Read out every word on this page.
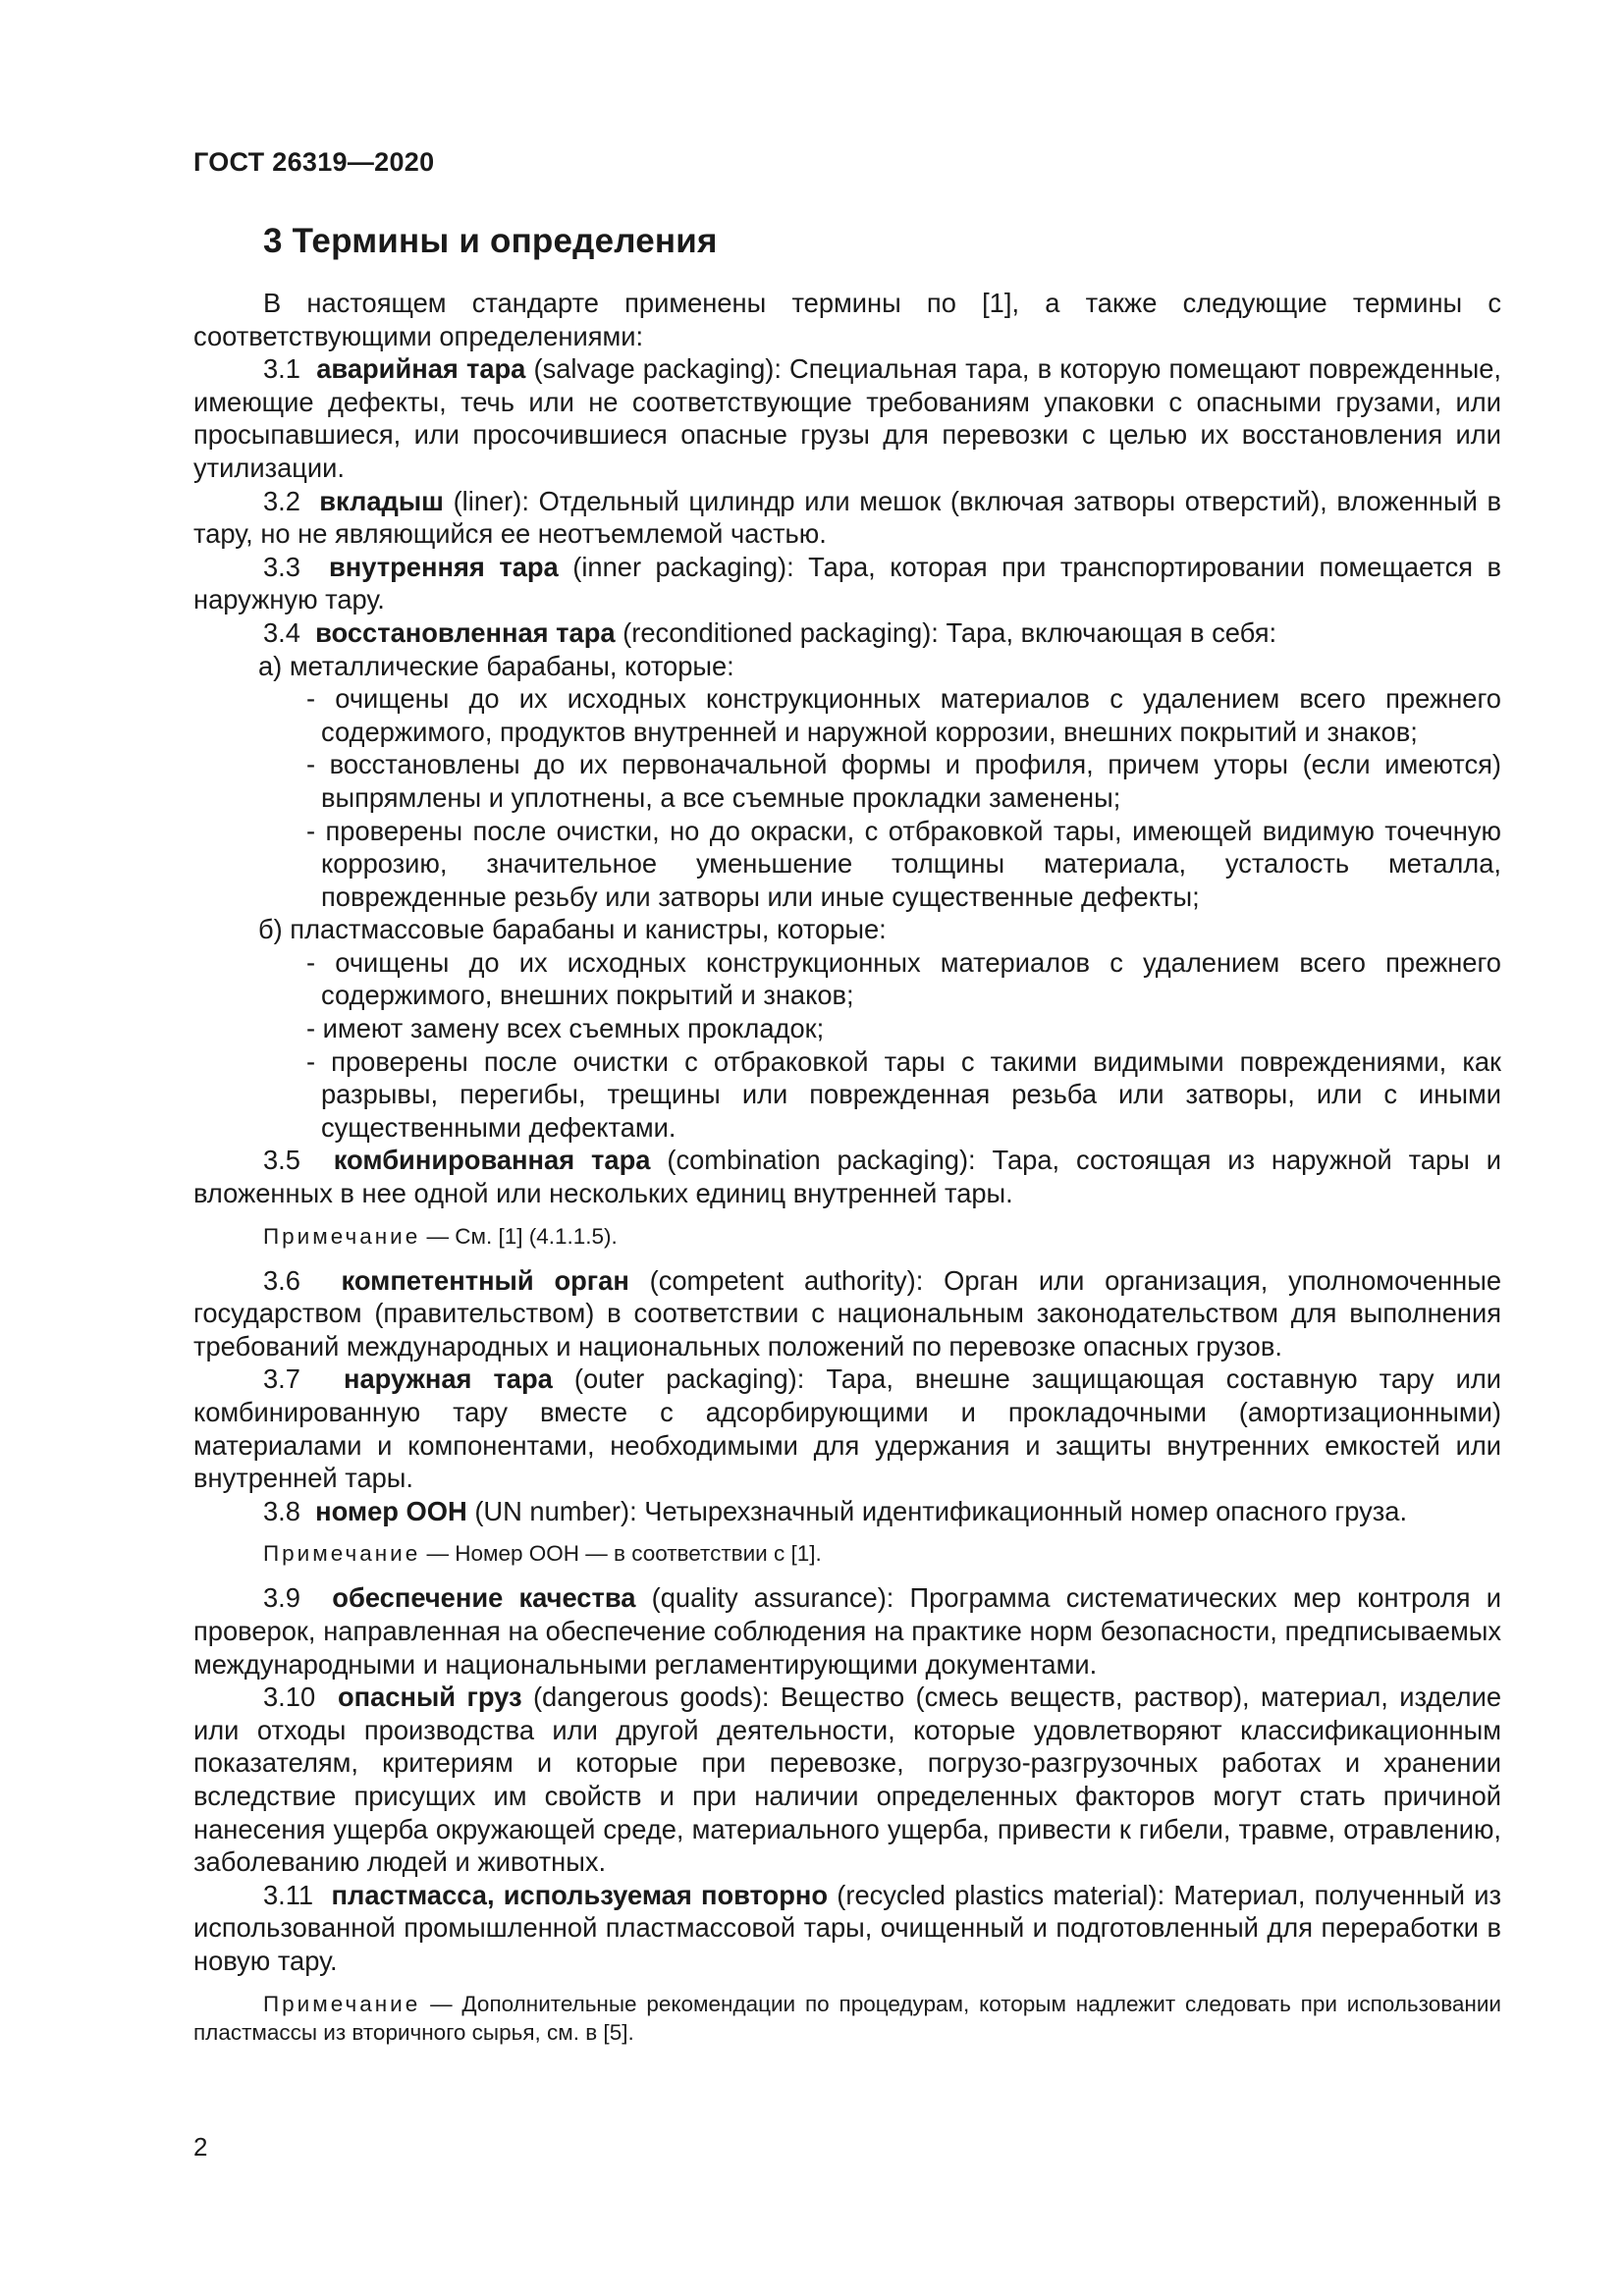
ГОСТ 26319—2020
3 Термины и определения

В настоящем стандарте применены термины по [1], а также следующие термины с соответствующими определениями:

3.1 аварийная тара (salvage packaging): Специальная тара, в которую помещают поврежденные, имеющие дефекты, течь или не соответствующие требованиям упаковки с опасными грузами, или просыпавшиеся, или просочившиеся опасные грузы для перевозки с целью их восстановления или утилизации.

3.2 вкладыш (liner): Отдельный цилиндр или мешок (включая затворы отверстий), вложенный в тару, но не являющийся ее неотъемлемой частью.

3.3 внутренняя тара (inner packaging): Тара, которая при транспортировании помещается в наружную тару.

3.4 восстановленная тара (reconditioned packaging): Тара, включающая в себя:

а) металлические барабаны, которые:

- очищены до их исходных конструкционных материалов с удалением всего прежнего содержимого, продуктов внутренней и наружной коррозии, внешних покрытий и знаков;

- восстановлены до их первоначальной формы и профиля, причем уторы (если имеются) выпрямлены и уплотнены, а все съемные прокладки заменены;

- проверены после очистки, но до окраски, с отбраковкой тары, имеющей видимую точечную коррозию, значительное уменьшение толщины материала, усталость металла, поврежденные резьбу или затворы или иные существенные дефекты;

б) пластмассовые барабаны и канистры, которые:

- очищены до их исходных конструкционных материалов с удалением всего прежнего содержимого, внешних покрытий и знаков;

- имеют замену всех съемных прокладок;

- проверены после очистки с отбраковкой тары с такими видимыми повреждениями, как разрывы, перегибы, трещины или поврежденная резьба или затворы, или с иными существенными дефектами.

3.5 комбинированная тара (combination packaging): Тара, состоящая из наружной тары и вложенных в нее одной или нескольких единиц внутренней тары.

Примечание — См. [1] (4.1.1.5).

3.6 компетентный орган (competent authority): Орган или организация, уполномоченные государством (правительством) в соответствии с национальным законодательством для выполнения требований международных и национальных положений по перевозке опасных грузов.

3.7 наружная тара (outer packaging): Тара, внешне защищающая составную тару или комбинированную тару вместе с адсорбирующими и прокладочными (амортизационными) материалами и компонентами, необходимыми для удержания и защиты внутренних емкостей или внутренней тары.

3.8 номер ООН (UN number): Четырехзначный идентификационный номер опасного груза.

Примечание — Номер ООН — в соответствии с [1].

3.9 обеспечение качества (quality assurance): Программа систематических мер контроля и проверок, направленная на обеспечение соблюдения на практике норм безопасности, предписываемых международными и национальными регламентирующими документами.

3.10 опасный груз (dangerous goods): Вещество (смесь веществ, раствор), материал, изделие или отходы производства или другой деятельности, которые удовлетворяют классификационным показателям, критериям и которые при перевозке, погрузо-разгрузочных работах и хранении вследствие присущих им свойств и при наличии определенных факторов могут стать причиной нанесения ущерба окружающей среде, материального ущерба, привести к гибели, травме, отравлению, заболеванию людей и животных.

3.11 пластмасса, используемая повторно (recycled plastics material): Материал, полученный из использованной промышленной пластмассовой тары, очищенный и подготовленный для переработки в новую тару.

Примечание — Дополнительные рекомендации по процедурам, которым надлежит следовать при использовании пластмассы из вторичного сырья, см. в [5].

2
